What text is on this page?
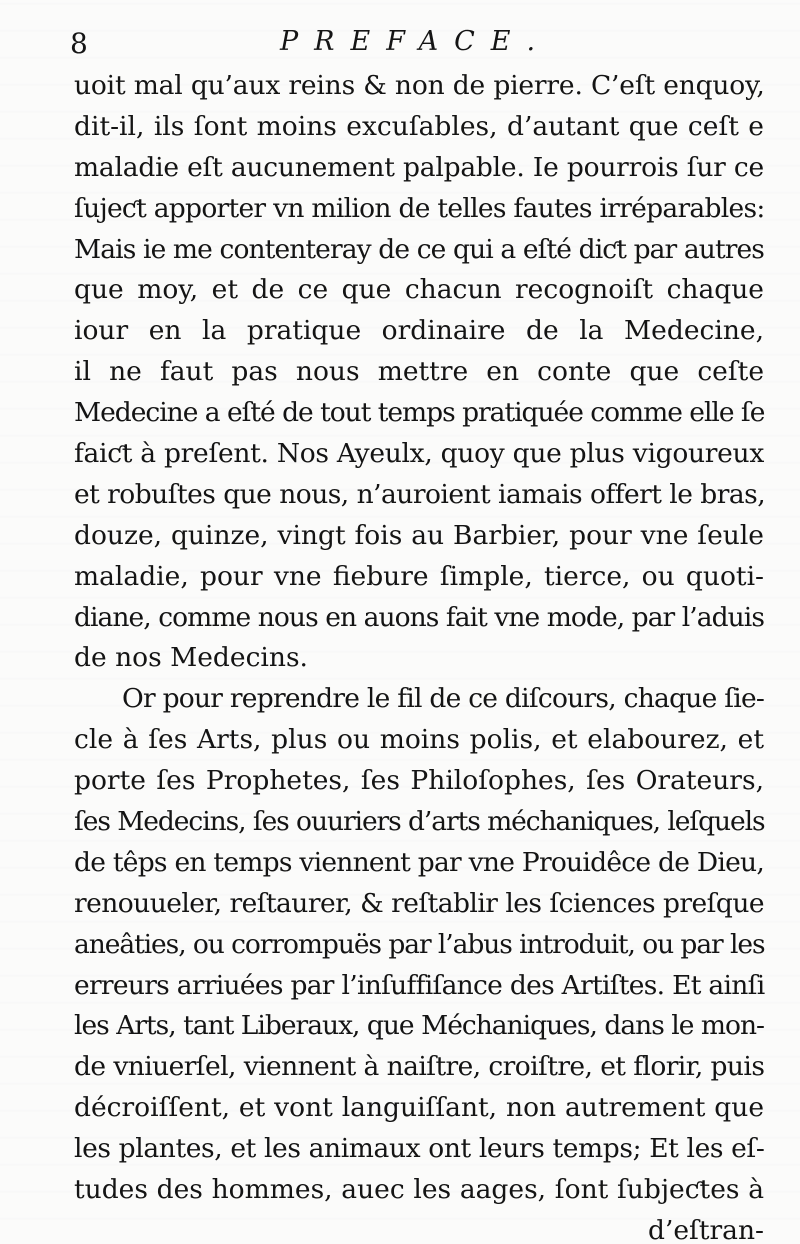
8	PREFACE.
uoit mal qu’aux reins & non de pierre. C’eſt enquoy,
dit-il, ils ſont moins excuſables, d’autant que ceſt e
maladie eſt aucunement palpable. Ie pourrois ſur ce
ſujeƈt apporter vn milion de telles fautes irréparables:
Mais ie me contenteray de ce qui a eſté diƈt par autres
que moy, et de ce que chacun recognoiſt chaque
iour en la pratique ordinaire de la Medecine,
il ne faut pas nous mettre en conte que ceſte
Medecine a eſté de tout temps pratiquée comme elle ſe
faiƈt à preſent. Nos Ayeulx, quoy que plus vigoureux
et robuſtes que nous, n’auroient iamais offert le bras,
douze, quinze, vingt fois au Barbier, pour vne ſeule
maladie, pour vne fiebure ſimple, tierce, ou quoti-
diane, comme nous en auons fait vne mode, par l’aduis
de nos Medecins.
Or pour reprendre le fil de ce diſcours, chaque ſie-
cle à ſes Arts, plus ou moins polis, et elabourez, et
porte ſes Prophetes, ſes Philoſophes, ſes Orateurs,
ſes Medecins, ſes ouuriers d’arts méchaniques, leſquels
de têps en temps viennent par vne Prouidêce de Dieu,
renouueler, reſtaurer, & reſtablir les ſciences preſque
aneâties, ou corrompuës par l’abus introduit, ou par les
erreurs arriuées par l’inſuffiſance des Artiſtes. Et ainſi
les Arts, tant Liberaux, que Méchaniques, dans le mon-
de vniuerſel, viennent à naiſtre, croiſtre, et florir, puis
décroiſſent, et vont languiſſant, non autrement que
les plantes, et les animaux ont leurs temps; Et les eſ-
tudes des hommes, auec les aages, ſont ſubjeƈtes à
d’eſtran-
